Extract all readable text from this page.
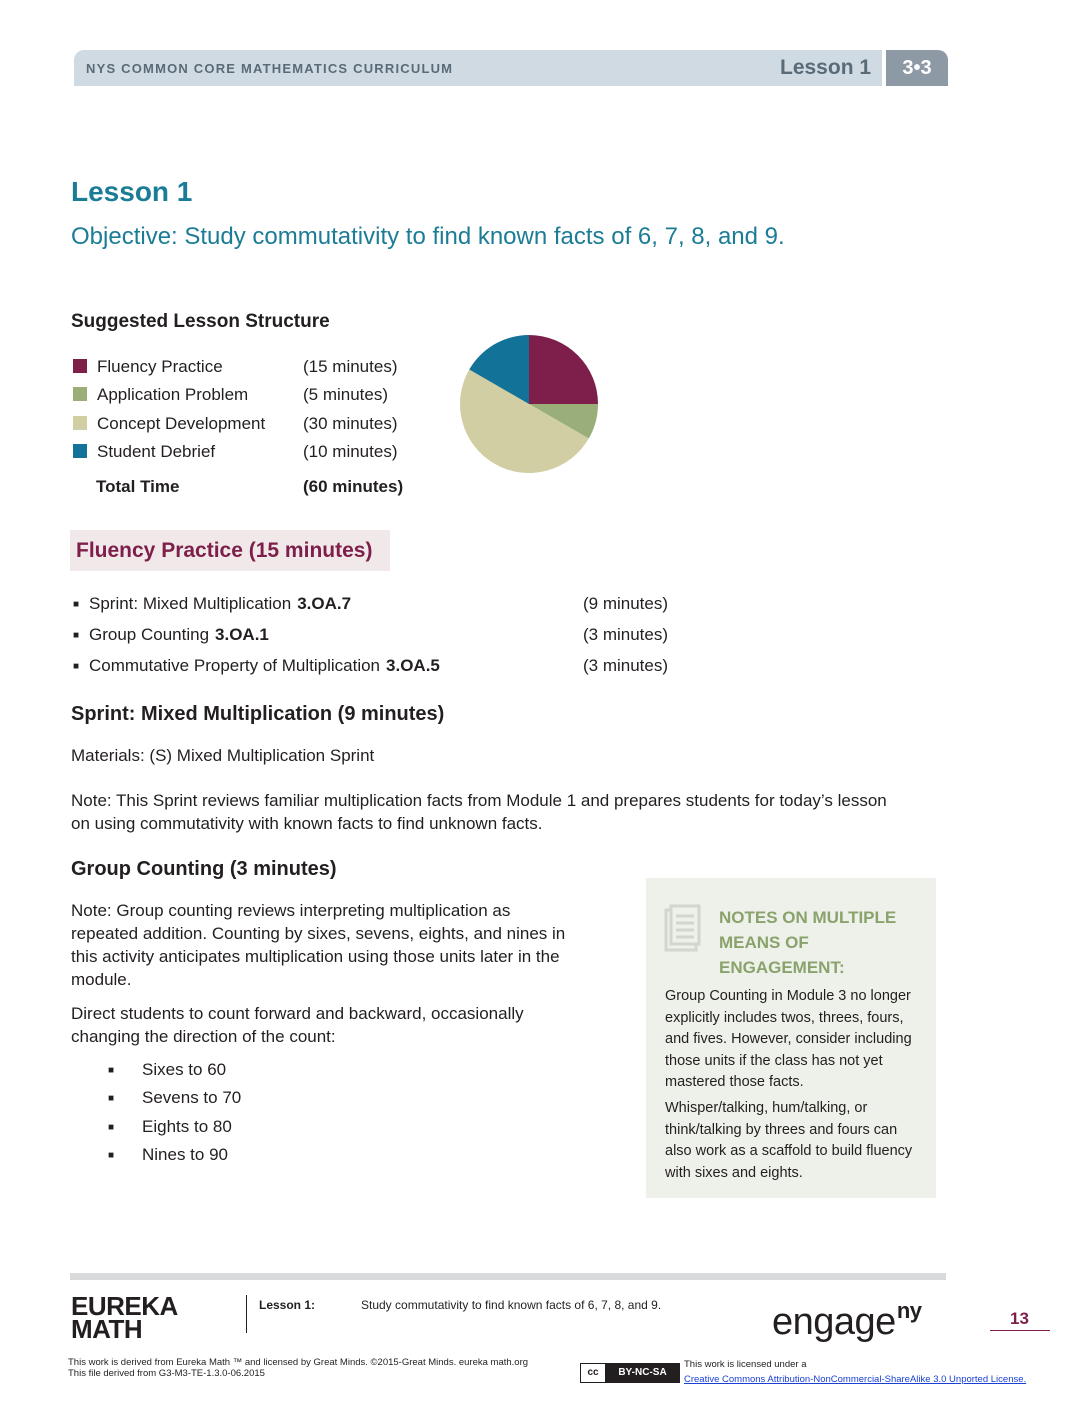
NYS COMMON CORE MATHEMATICS CURRICULUM	Lesson 1	3•3
Lesson 1
Objective: Study commutativity to find known facts of 6, 7, 8, and 9.
Suggested Lesson Structure
Fluency Practice	(15 minutes)
Application Problem	(5 minutes)
Concept Development (30 minutes)
Student Debrief	(10 minutes)
Total Time	(60 minutes)
Fluency Practice (15 minutes)
■ Sprint: Mixed Multiplication 3.OA.7	(9 minutes)
■ Group Counting 3.OA.1	(3 minutes)
■ Commutative Property of Multiplication 3.OA.5	(3 minutes)
Sprint: Mixed Multiplication (9 minutes)
Materials: (S) Mixed Multiplication Sprint
Note: This Sprint reviews familiar multiplication facts from Module 1 and prepares students for today’s lesson on using commutativity with known facts to find unknown facts.
Group Counting (3 minutes)
Note: Group counting reviews interpreting multiplication as repeated addition. Counting by sixes, sevens, eights, and nines in this activity anticipates multiplication using those units later in the module.
Direct students to count forward and backward, occasionally changing the direction of the count:
■ Sixes to 60
■ Sevens to 70
■ Eights to 80
■ Nines to 90
NOTES ON MULTIPLE MEANS OF ENGAGEMENT:
Group Counting in Module 3 no longer explicitly includes twos, threes, fours, and fives. However, consider including those units if the class has not yet mastered those facts.
Whisper/talking, hum/talking, or think/talking by threes and fours can also work as a scaffold to build fluency with sixes and eights.
EUREKA
MATH
Lesson 1:	Study commutativity to find known facts of 6, 7, 8, and 9.	engage$^{ny}$	13
This work is derived from Eureka Math ™ and licensed by Great Minds. ©2015-Great Minds. eureka math.org
This file derived from G3-M3-TE-1.3.0-06.2015	cc	BY-NC-SA
This work is licensed under a
Creative Commons Attribution-NonCommercial-ShareAlike 3.0 Unported License.
